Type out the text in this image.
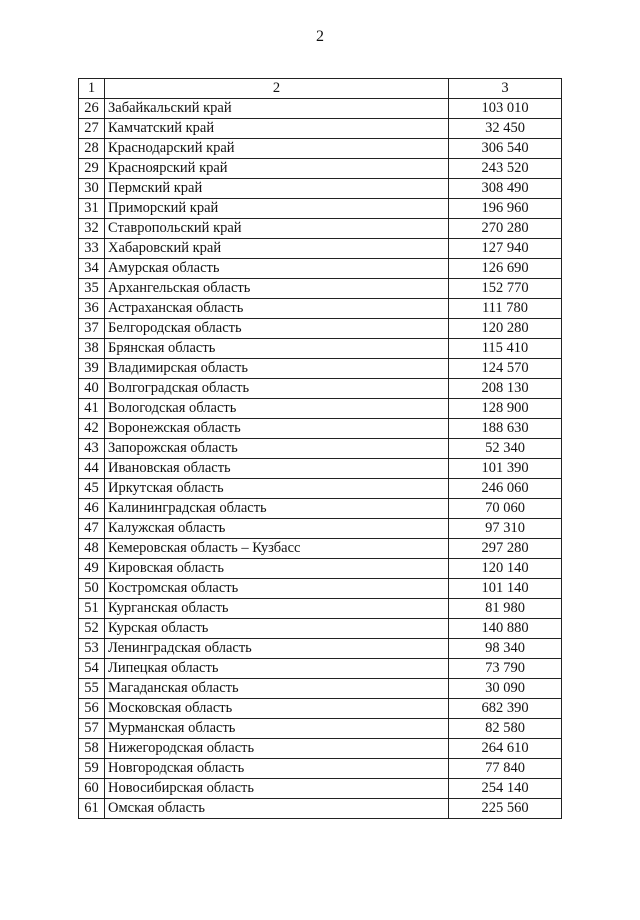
2
1	2	3
26	Забайкальский край	103 010
27	Камчатский край	32 450
28	Краснодарский край	306 540
29	Красноярский край	243 520
30	Пермский край	308 490
31	Приморский край	196 960
32	Ставропольский край	270 280
33	Хабаровский край	127 940
34	Амурская область	126 690
35	Архангельская область	152 770
36	Астраханская область	111 780
37	Белгородская область	120 280
38	Брянская область	115 410
39	Владимирская область	124 570
40	Волгоградская область	208 130
41	Вологодская область	128 900
42	Воронежская область	188 630
43	Запорожская область	52 340
44	Ивановская область	101 390
45	Иркутская область	246 060
46	Калининградская область	70 060
47	Калужская область	97 310
48	Кемеровская область – Кузбасс	297 280
49	Кировская область	120 140
50	Костромская область	101 140
51	Курганская область	81 980
52	Курская область	140 880
53	Ленинградская область	98 340
54	Липецкая область	73 790
55	Магаданская область	30 090
56	Московская область	682 390
57	Мурманская область	82 580
58	Нижегородская область	264 610
59	Новгородская область	77 840
60	Новосибирская область	254 140
61	Омская область	225 560
